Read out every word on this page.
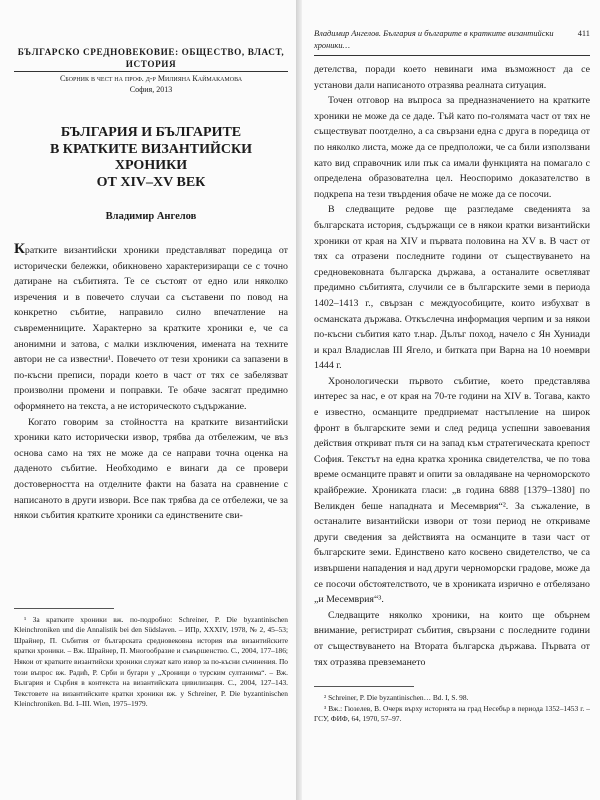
БЪЛГАРСКО СРЕДНОВЕКОВИЕ: ОБЩЕСТВО, ВЛАСТ, ИСТОРИЯ

Сборник в чест на проф. д-р Милияна Каймакамова

София, 2013

БЪЛГАРИЯ И БЪЛГАРИТЕ
В КРАТКИТЕ ВИЗАНТИЙСКИ ХРОНИКИ
ОТ XIV–XV ВЕК
Владимир Ангелов

Кратките византийски хроники представляват поредица от исторически бележки, обикновено характеризиращи се с точно датиране на събитията. Те се състоят от едно или няколко изречения и в повечето случаи са съставени по повод на конкретно събитие, направило силно впечатление на съвременниците. Характерно за кратките хроники е, че са анонимни и затова, с малки изключения, имената на техните автори не са известни¹. Повечето от тези хроники са запазени в по-късни преписи, поради което в част от тях се забелязват произволни промени и поправки. Те обаче засягат предимно оформянето на текста, а не историческото съдържание.

Когато говорим за стойността на кратките византийски хроники като исторически извор, трябва да отбележим, че въз основа само на тях не може да се направи точна оценка на даденото събитие. Необходимо е винаги да се провери достоверността на отделните факти на базата на сравнение с написаното в други извори. Все пак трябва да се отбележи, че за някои събития кратките хроники са единствените сви-

¹ За кратките хроники вж. по-подробно: Schreiner, P. Die byzantinischen Kleinchroniken und die Annalistik bei den Südslaven. – ИПр, XXXIV, 1978, № 2, 45–53; Шрайнер, П. Събития от българската средновековна история във византийските кратки хроники. – Вж. Шрайнер, П. Многообразие и съвършенство. С., 2004, 177–186; Някои от кратките византийски хроники служат като извор за по-късни съчинения. По този въпрос вж. Радић, Р. Срби и бугари у „Хроници о турским султанима“. – Вж. България и Сърбия в контекста на византийската цивилизация. С., 2004, 127–143. Текстовете на византийските кратки хроники вж. у Schreiner, P. Die byzantinischen Kleinchroniken. Bd. I–III. Wien, 1975–1979.

Владимир Ангелов. България и българите в кратките византийски хроники…
411

детелства, поради което невинаги има възможност да се установи дали написаното отразява реалната ситуация.

Точен отговор на въпроса за предназначението на кратките хроники не може да се даде. Тъй като по-голямата част от тях не съществуват поотделно, а са свързани една с друга в поредица от по няколко листа, може да се предполoжи, че са били използвани като вид справочник или пък са имали функцията на помагало с определена образователна цел. Неоспоримо доказателство в подкрепа на тези твърдения обаче не може да се посочи.

В следващите редове ще разгледаме сведенията за българската история, съдържащи се в някои кратки византийски хроники от края на XIV и първата половина на XV в. В част от тях са отразени последните години от съществуването на средновековната българска държава, а останалите осветляват предимно събитията, случили се в българските земи в периода 1402–1413 г., свързан с междуособиците, които избухват в османската държава. Откъслечна информация черпим и за някои по-късни събития като т.нар. Дълъг поход, начело с Ян Хуниади и крал Владислав III Ягело, и битката при Варна на 10 ноември 1444 г.

Хронологически първото събитие, което представлява интерес за нас, е от края на 70-те години на XIV в. Тогава, както е известно, османците предприемат настъпление на широк фронт в българските земи и след редица успешни завоевания действия откриват пътя си на запад към стратегическата крепост София. Текстът на една кратка хроника свидетелства, че по това време османците правят и опити за овладяване на черноморското крайбрежие. Хрониката гласи: „в година 6888 [1379–1380] по Великден беше нападната и Месемврия“². За съжаление, в останалите византийски извори от този период не откриваме други сведения за действията на османците в тази част от българските земи. Единствено като косвено свидетелство, че са извършени нападения и над други черноморски градове, може да се посочи обстоятелството, че в хрониката изрично е отбелязано „и Месемврия“³.

Следващите няколко хроники, на които ще обърнем внимание, регистрират събития, свързани с последните години от съществуването на Втората българска държава. Първата от тях отразява превземането

² Schreiner, P. Die byzantinischen… Bd. I, S. 98.

³ Вж.: Гюзелев, В. Очерк върху историята на град Несебър в периода 1352–1453 г. – ГСУ, ФИФ, 64, 1970, 57–97.
